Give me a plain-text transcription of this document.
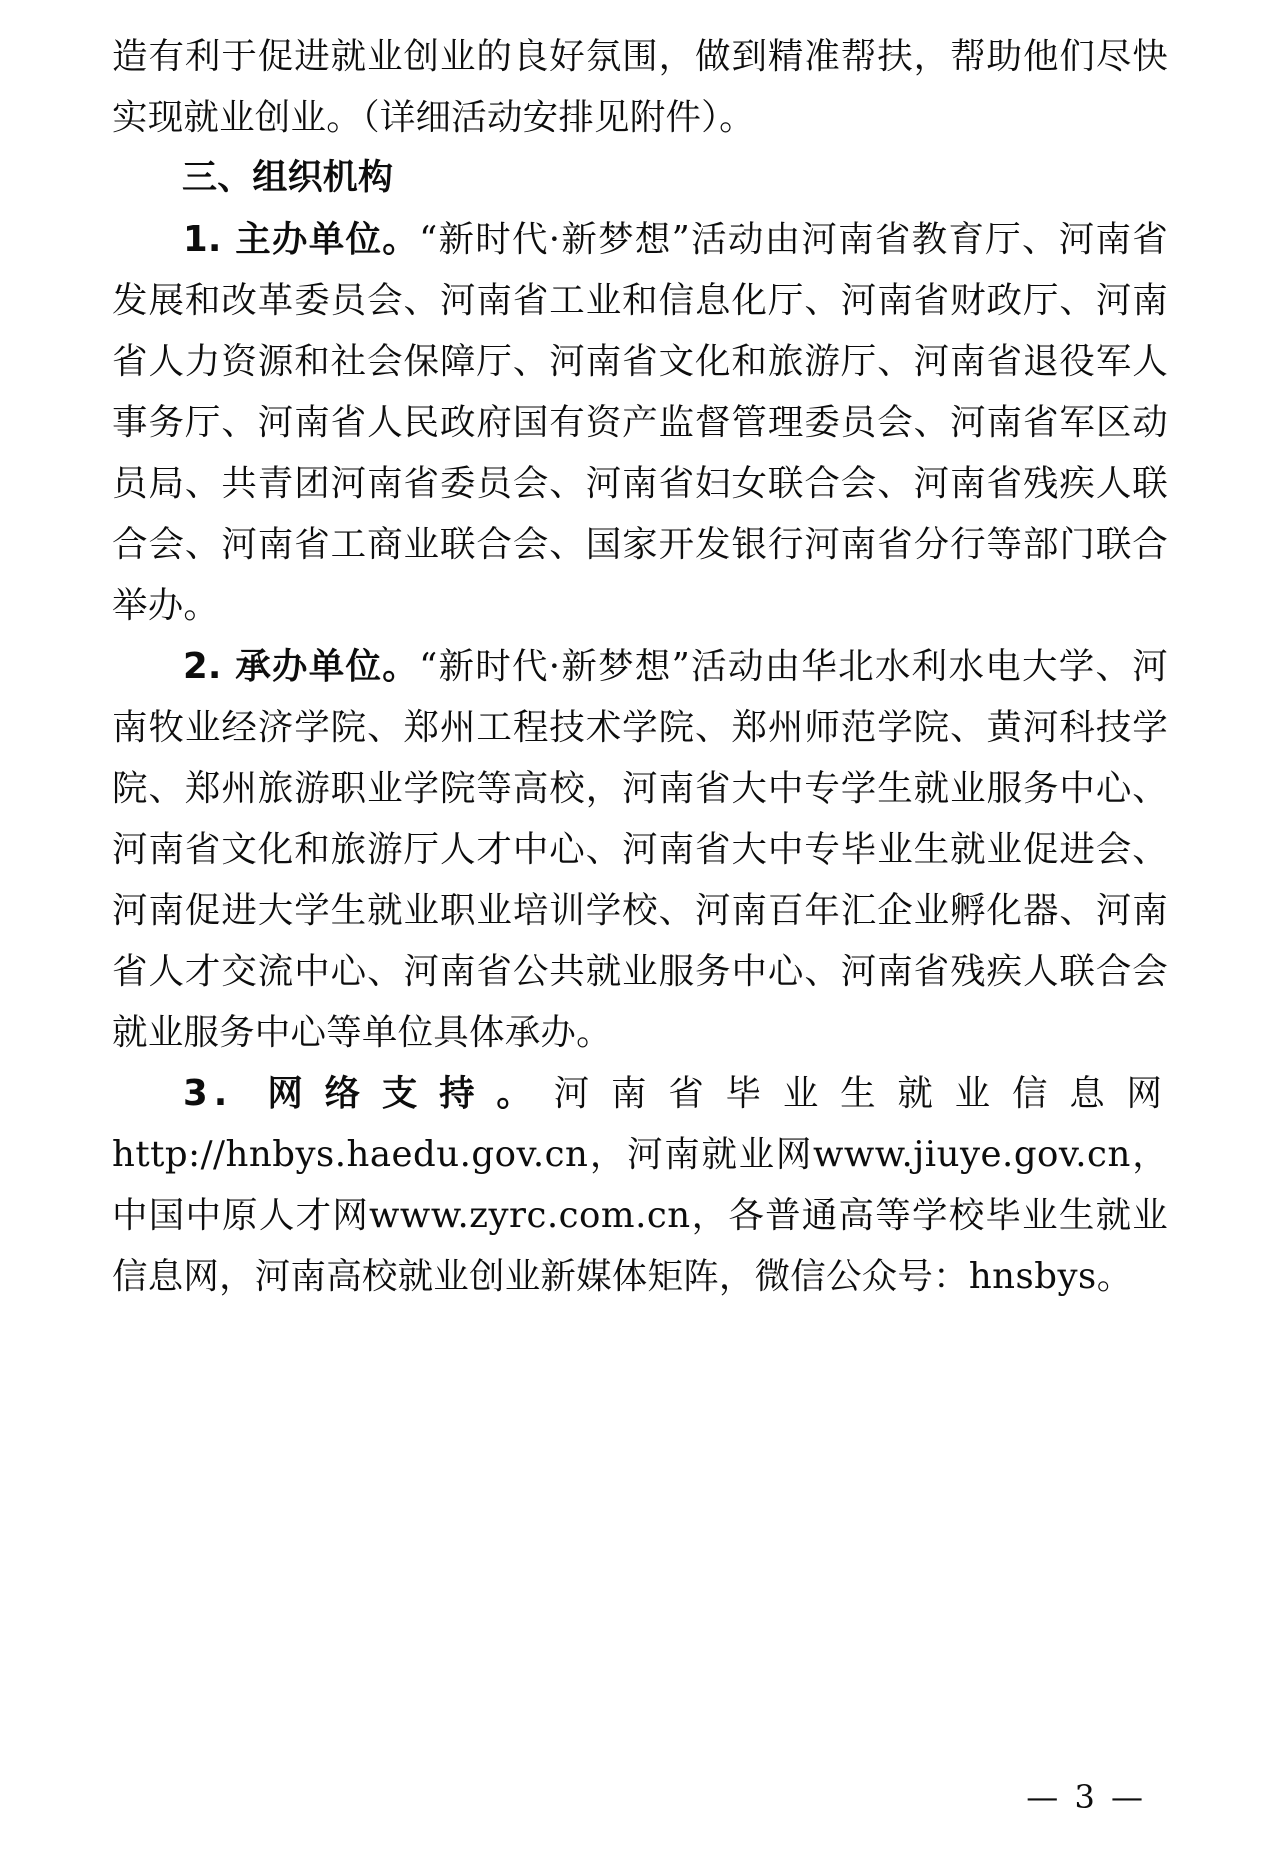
造有利于促进就业创业的良好氛围，做到精准帮扶，帮助他们尽快实现就业创业。（详细活动安排见附件）。

三、组织机构

1. 主办单位。“新时代·新梦想”活动由河南省教育厅、河南省发展和改革委员会、河南省工业和信息化厅、河南省财政厅、河南省人力资源和社会保障厅、河南省文化和旅游厅、河南省退役军人事务厅、河南省人民政府国有资产监督管理委员会、河南省军区动员局、共青团河南省委员会、河南省妇女联合会、河南省残疾人联合会、河南省工商业联合会、国家开发银行河南省分行等部门联合举办。

2. 承办单位。“新时代·新梦想”活动由华北水利水电大学、河南牧业经济学院、郑州工程技术学院、郑州师范学院、黄河科技学院、郑州旅游职业学院等高校，河南省大中专学生就业服务中心、河南省文化和旅游厅人才中心、河南省大中专毕业生就业促进会、河南促进大学生就业职业培训学校、河南百年汇企业孵化器、河南省人才交流中心、河南省公共就业服务中心、河南省残疾人联合会就业服务中心等单位具体承办。

3. 网络支持。河南省毕业生就业信息网http://hnbys.haedu.gov.cn，河南就业网www.jiuye.gov.cn，中国中原人才网www.zyrc.com.cn，各普通高等学校毕业生就业信息网，河南高校就业创业新媒体矩阵，微信公众号：hnsbys。

— 3 —
